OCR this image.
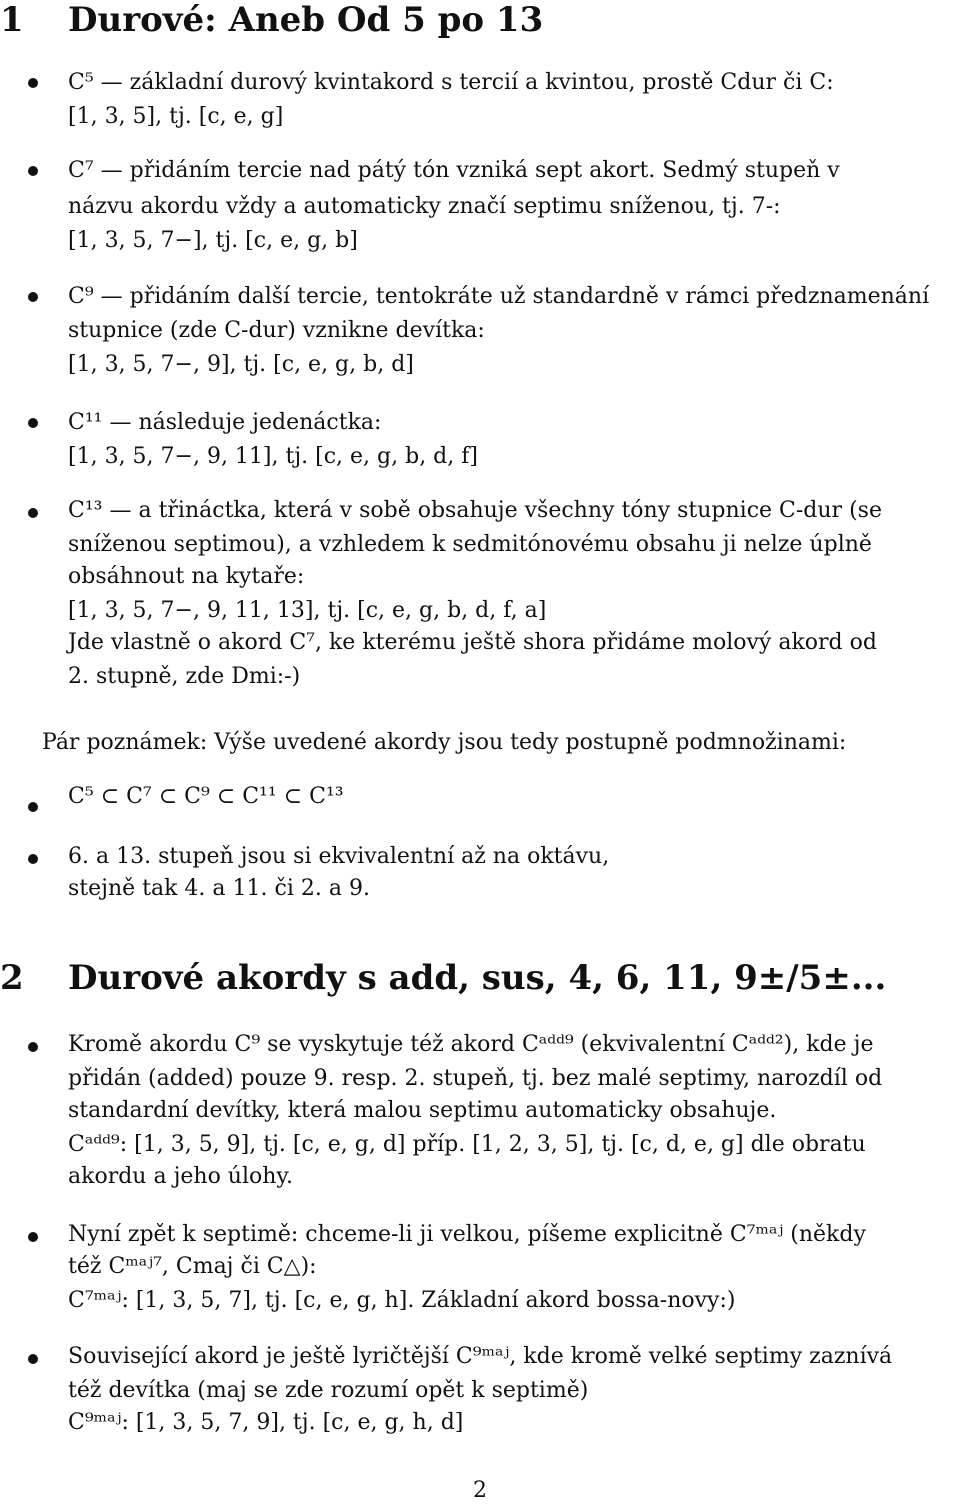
1 Durové: Aneb Od 5 po 13
C⁵ — základní durový kvintakord s tercií a kvintou, prostě Cdur či C:
[1, 3, 5], tj. [c, e, g]
C⁷ — přidáním tercie nad pátý tón vzniká sept akort. Sedmý stupeň v
názvu akordu vždy a automaticky značí septimu sníženou, tj. 7-:
[1, 3, 5, 7−], tj. [c, e, g, b]
C⁹ — přidáním další tercie, tentokráte už standardně v rámci předznamenání
stupnice (zde C-dur) vznikne devítka:
[1, 3, 5, 7−, 9], tj. [c, e, g, b, d]
C¹¹ — následuje jedenáctka:
[1, 3, 5, 7−, 9, 11], tj. [c, e, g, b, d, f]
C¹³ — a třináctka, která v sobě obsahuje všechny tóny stupnice C-dur (se
sníženou septimou), a vzhledem k sedmitónovému obsahu ji nelze úplně
obsáhnout na kytaře:
[1, 3, 5, 7−, 9, 11, 13], tj. [c, e, g, b, d, f, a]
Jde vlastně o akord C⁷, ke kterému ještě shora přidáme molový akord od
2. stupně, zde Dmi:-)
Pár poznámek: Výše uvedené akordy jsou tedy postupně podmnožinami:
C⁵ ⊂ C⁷ ⊂ C⁹ ⊂ C¹¹ ⊂ C¹³
6. a 13. stupeň jsou si ekvivalentní až na oktávu,
stejně tak 4. a 11. či 2. a 9.
2 Durové akordy s add, sus, 4, 6, 11, 9±/5±...
Kromě akordu C⁹ se vyskytuje též akord Cᵃᵈᵈ⁹ (ekvivalentní Cᵃᵈᵈ²), kde je
přidán (added) pouze 9. resp. 2. stupeň, tj. bez malé septimy, narozdíl od
standardní devítky, která malou septimu automaticky obsahuje.
Cᵃᵈᵈ⁹: [1, 3, 5, 9], tj. [c, e, g, d] příp. [1, 2, 3, 5], tj. [c, d, e, g] dle obratu
akordu a jeho úlohy.
Nyní zpět k septimě: chceme-li ji velkou, píšeme explicitně C⁷ᵐᵃʲ (někdy
též Cᵐᵃʲ⁷, Cmaj či C△):
C⁷ᵐᵃʲ: [1, 3, 5, 7], tj. [c, e, g, h]. Základní akord bossa-novy:)
Související akord je ještě lyričtější C⁹ᵐᵃʲ, kde kromě velké septimy zaznívá
též devítka (maj se zde rozumí opět k septimě)
C⁹ᵐᵃʲ: [1, 3, 5, 7, 9], tj. [c, e, g, h, d]
2
